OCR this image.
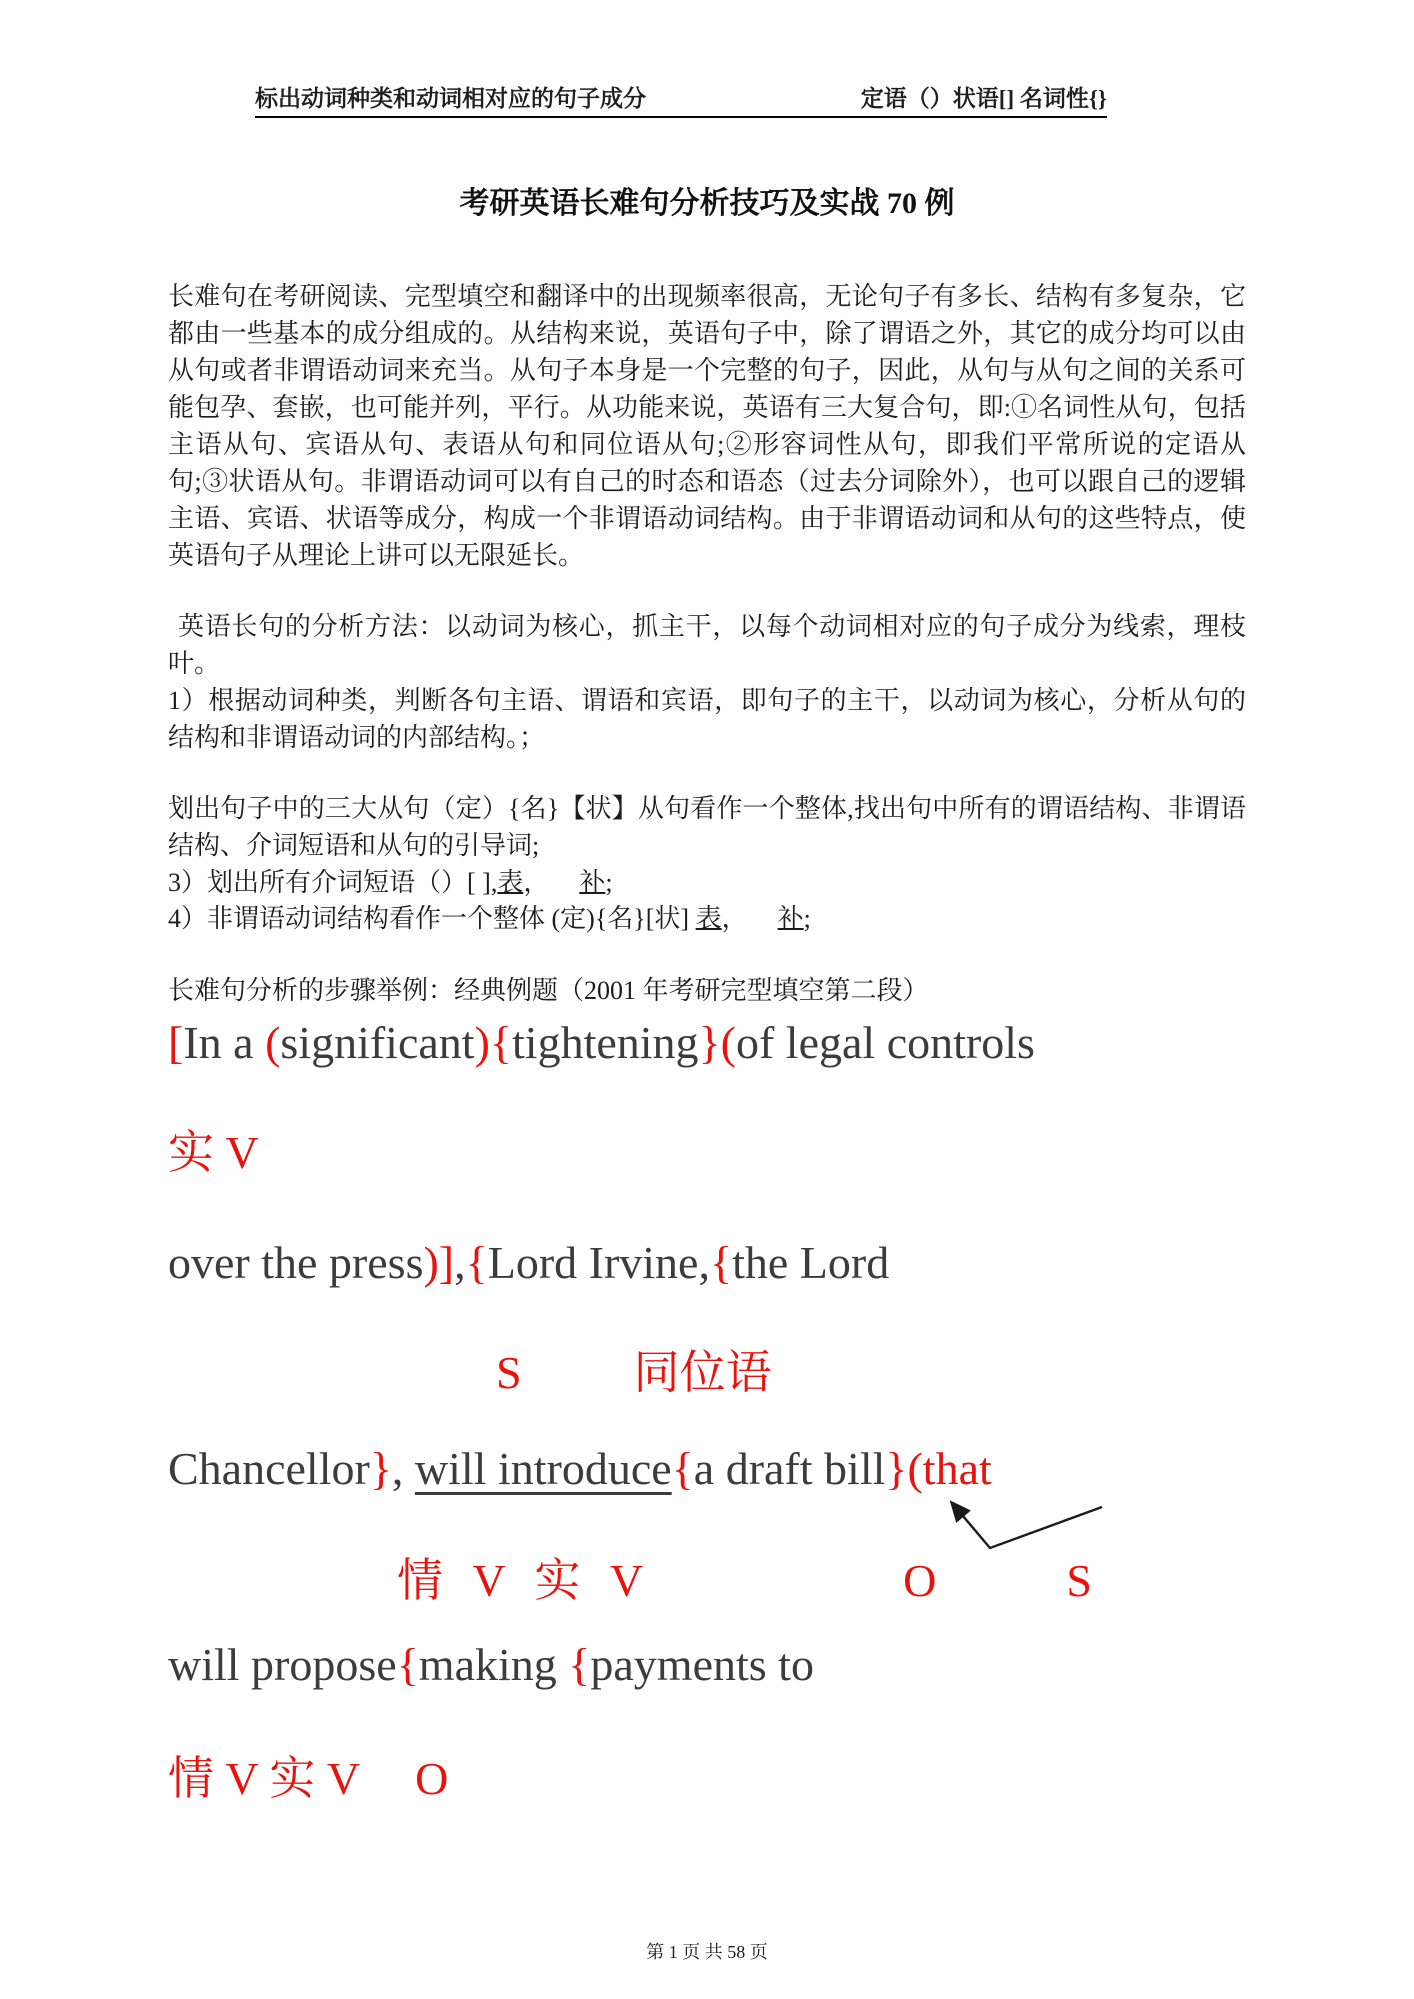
标出动词种类和动词相对应的句子成分	定语（）状语[] 名词性{}
考研英语长难句分析技巧及实战 70 例

长难句在考研阅读、完型填空和翻译中的出现频率很高，无论句子有多长、结构有多复杂，它都由一些基本的成分组成的。从结构来说，英语句子中，除了谓语之外，其它的成分均可以由从句或者非谓语动词来充当。从句子本身是一个完整的句子，因此，从句与从句之间的关系可能包孕、套嵌，也可能并列，平行。从功能来说，英语有三大复合句，即:①名词性从句，包括主语从句、宾语从句、表语从句和同位语从句;②形容词性从句，即我们平常所说的定语从句;③状语从句。非谓语动词可以有自己的时态和语态（过去分词除外），也可以跟自己的逻辑主语、宾语、状语等成分，构成一个非谓语动词结构。由于非谓语动词和从句的这些特点，使英语句子从理论上讲可以无限延长。

英语长句的分析方法：以动词为核心，抓主干，以每个动词相对应的句子成分为线索，理枝叶。

1）根据动词种类，判断各句主语、谓语和宾语，即句子的主干，以动词为核心，分析从句的结构和非谓语动词的内部结构。；

划出句子中的三大从句（定）{名}【状】从句看作一个整体,找出句中所有的谓语结构、非谓语结构、介词短语和从句的引导词;

3）划出所有介词短语（）[ ],表， 补;

4）非谓语动词结构看作一个整体 (定){名}[状] 表， 补;

长难句分析的步骤举例：经典例题（2001 年考研完型填空第二段）

[In a (significant){tightening}(of legal controls
实 V
over the press)],{Lord Irvine,{the Lord
S 同位语
Chancellor}, will introduce{a draft bill}(that
情 V 实 V	O	S
will propose{making {payments to
情 V 实 V O
第 1 页 共 58 页
